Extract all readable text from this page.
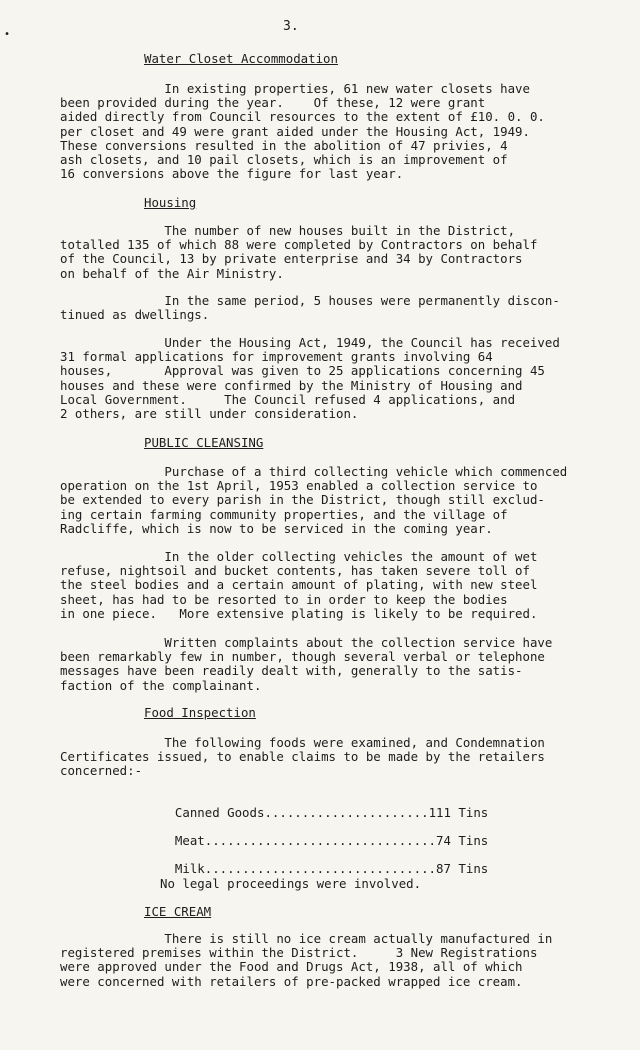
•
3.
Water Closet Accommodation
In existing properties, 61 new water closets have
been provided during the year.    Of these, 12 were grant
aided directly from Council resources to the extent of £10. 0. 0.
per closet and 49 were grant aided under the Housing Act, 1949.
These conversions resulted in the abolition of 47 privies, 4
ash closets, and 10 pail closets, which is an improvement of
16 conversions above the figure for last year.
Housing
The number of new houses built in the District,
totalled 135 of which 88 were completed by Contractors on behalf
of the Council, 13 by private enterprise and 34 by Contractors
on behalf of the Air Ministry.
In the same period, 5 houses were permanently discon-
tinued as dwellings.
Under the Housing Act, 1949, the Council has received
31 formal applications for improvement grants involving 64
houses,       Approval was given to 25 applications concerning 45
houses and these were confirmed by the Ministry of Housing and
Local Government.     The Council refused 4 applications, and
2 others, are still under consideration.
PUBLIC CLEANSING
Purchase of a third collecting vehicle which commenced
operation on the 1st April, 1953 enabled a collection service to
be extended to every parish in the District, though still exclud-
ing certain farming community properties, and the village of
Radcliffe, which is now to be serviced in the coming year.
In the older collecting vehicles the amount of wet
refuse, nightsoil and bucket contents, has taken severe toll of
the steel bodies and a certain amount of plating, with new steel
sheet, has had to be resorted to in order to keep the bodies
in one piece.   More extensive plating is likely to be required.
Written complaints about the collection service have
been remarkably few in number, though several verbal or telephone
messages have been readily dealt with, generally to the satis-
faction of the complainant.
Food Inspection
The following foods were examined, and Condemnation
Certificates issued, to enable claims to be made by the retailers
concerned:-

Canned Goods......................111 Tins

Meat...............................74 Tins

Milk...............................87 Tins

No legal proceedings were involved.
ICE CREAM
There is still no ice cream actually manufactured in
registered premises within the District.     3 New Registrations
were approved under the Food and Drugs Act, 1938, all of which
were concerned with retailers of pre-packed wrapped ice cream.
